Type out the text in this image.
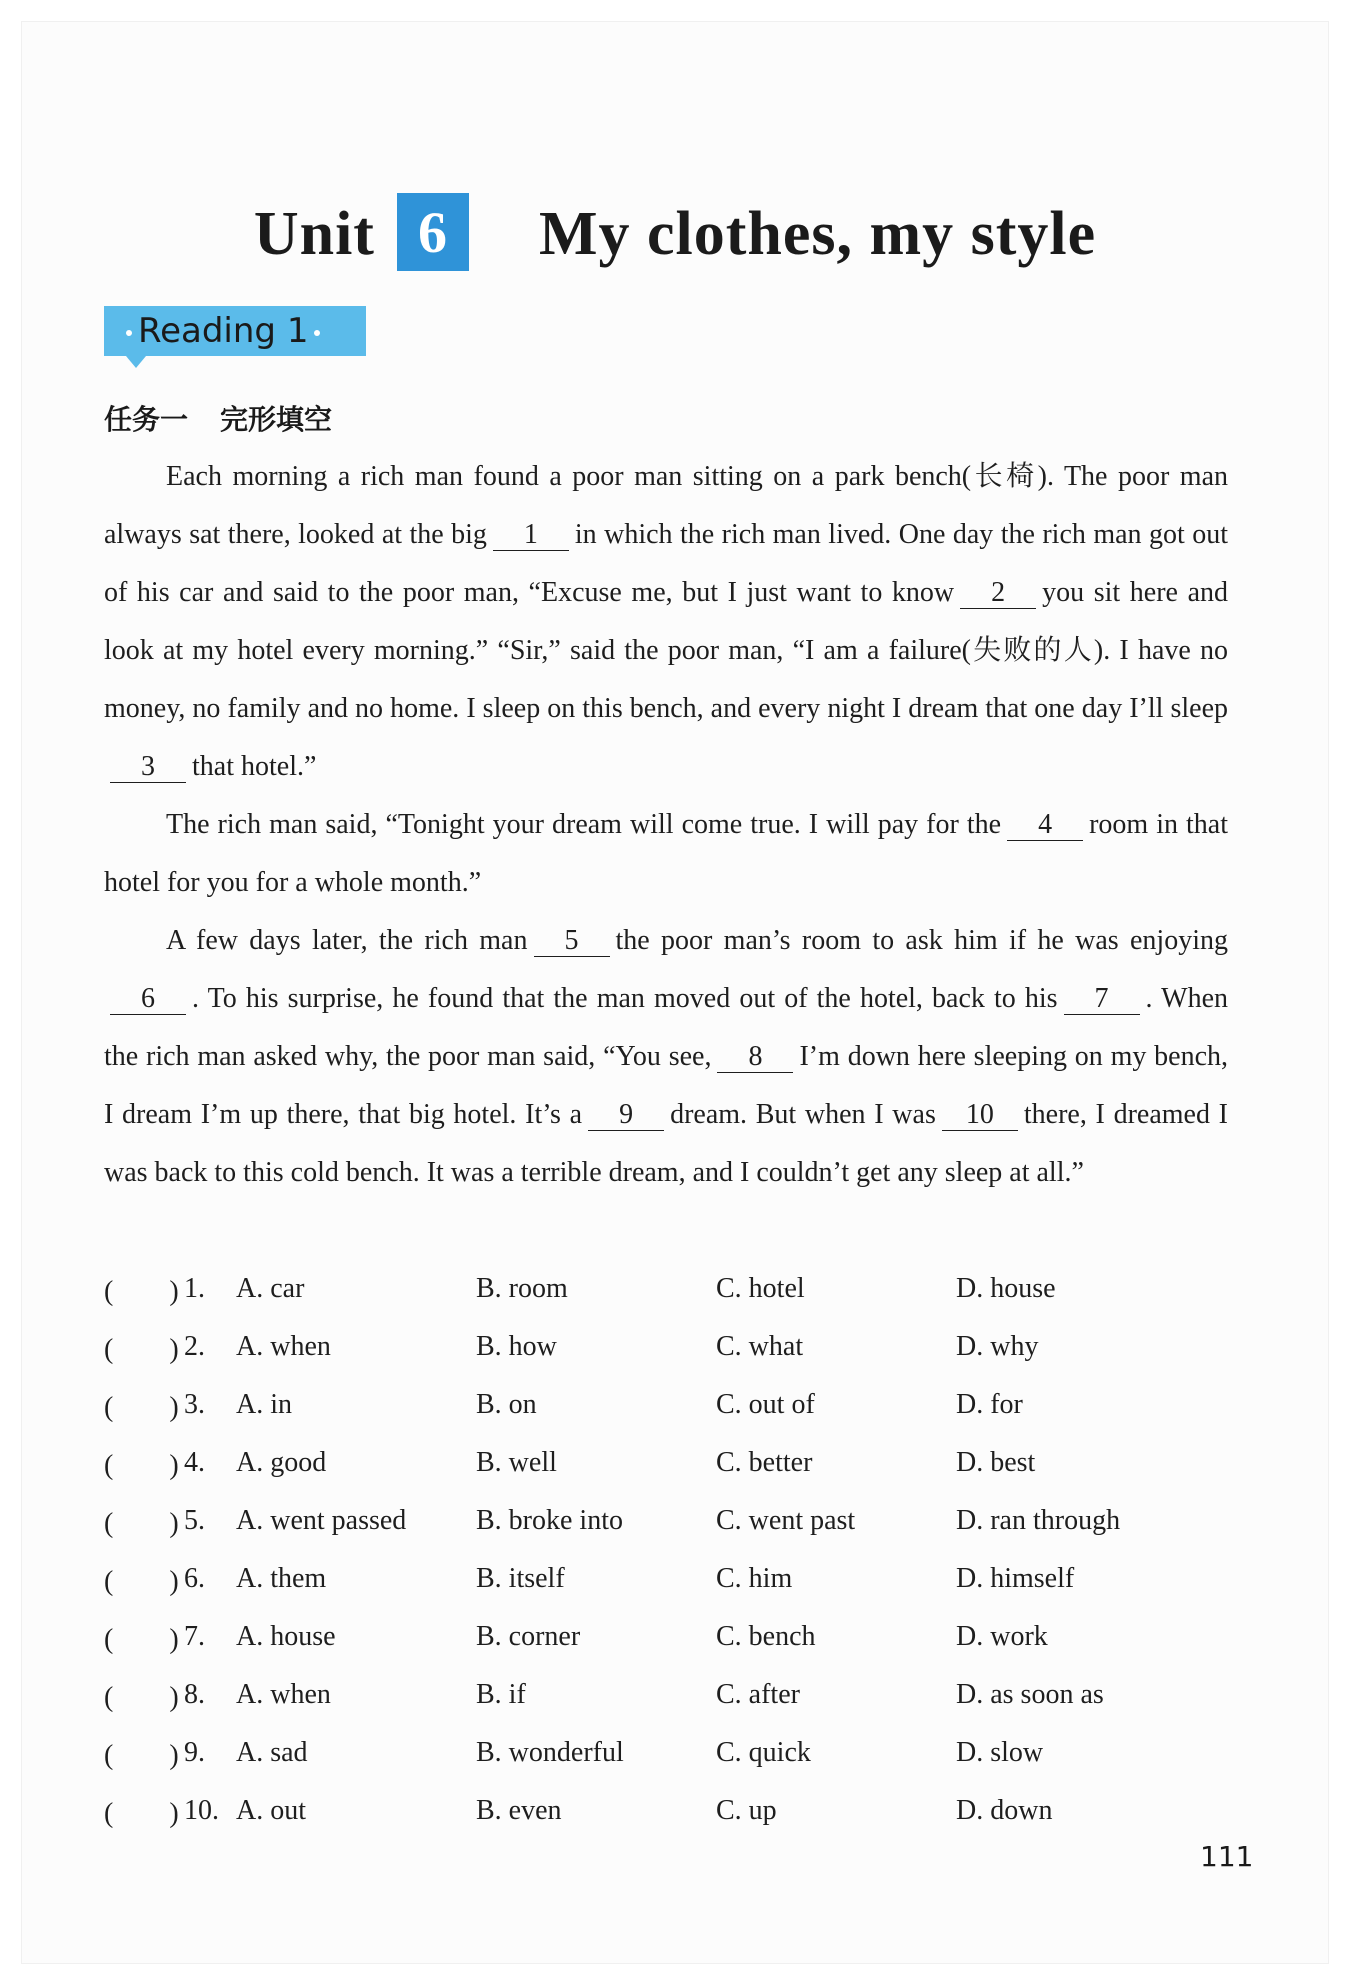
Unit 6	My clothes, my style
Reading 1
任务一 完形填空

Each morning a rich man found a poor man sitting on a park bench(长椅). The poor man always sat there, looked at the big 1 in which the rich man lived. One day the rich man got out of his car and said to the poor man, “Excuse me, but I just want to know 2 you sit here and look at my hotel every morning.” “Sir,” said the poor man, “I am a failure(失败的人). I have no money, no family and no home. I sleep on this bench, and every night I dream that one day I’ll sleep3 that hotel.”

The rich man said, “Tonight your dream will come true. I will pay for the 4 room in that hotel for you for a whole month.”

A few days later, the rich man 5 the poor man’s room to ask him if he was enjoying6 . To his surprise, he found that the man moved out of the hotel, back to his 7 . When the rich man asked why, the poor man said, “You see, 8 I’m down here sleeping on my bench, I dream I’m up there, that big hotel. It’s a 9 dream. But when I was 10 there, I dreamed I was back to this cold bench. It was a terrible dream, and I couldn’t get any sleep at all.”

(　　) 1.	A. car	B. room	C. hotel	D. house
(　　) 2.	A. when	B. how	C. what	D. why
(　　) 3.	A. in	B. on	C. out of	D. for
(　　) 4.	A. good	B. well	C. better	D. best
(　　) 5.	A. went passed	B. broke into	C. went past	D. ran through
(　　) 6.	A. them	B. itself	C. him	D. himself
(　　) 7.	A. house	B. corner	C. bench	D. work
(　　) 8.	A. when	B. if	C. after	D. as soon as
(　　) 9.	A. sad	B. wonderful	C. quick	D. slow
(　　) 10. A. out	B. even	C. up	D. down
111
